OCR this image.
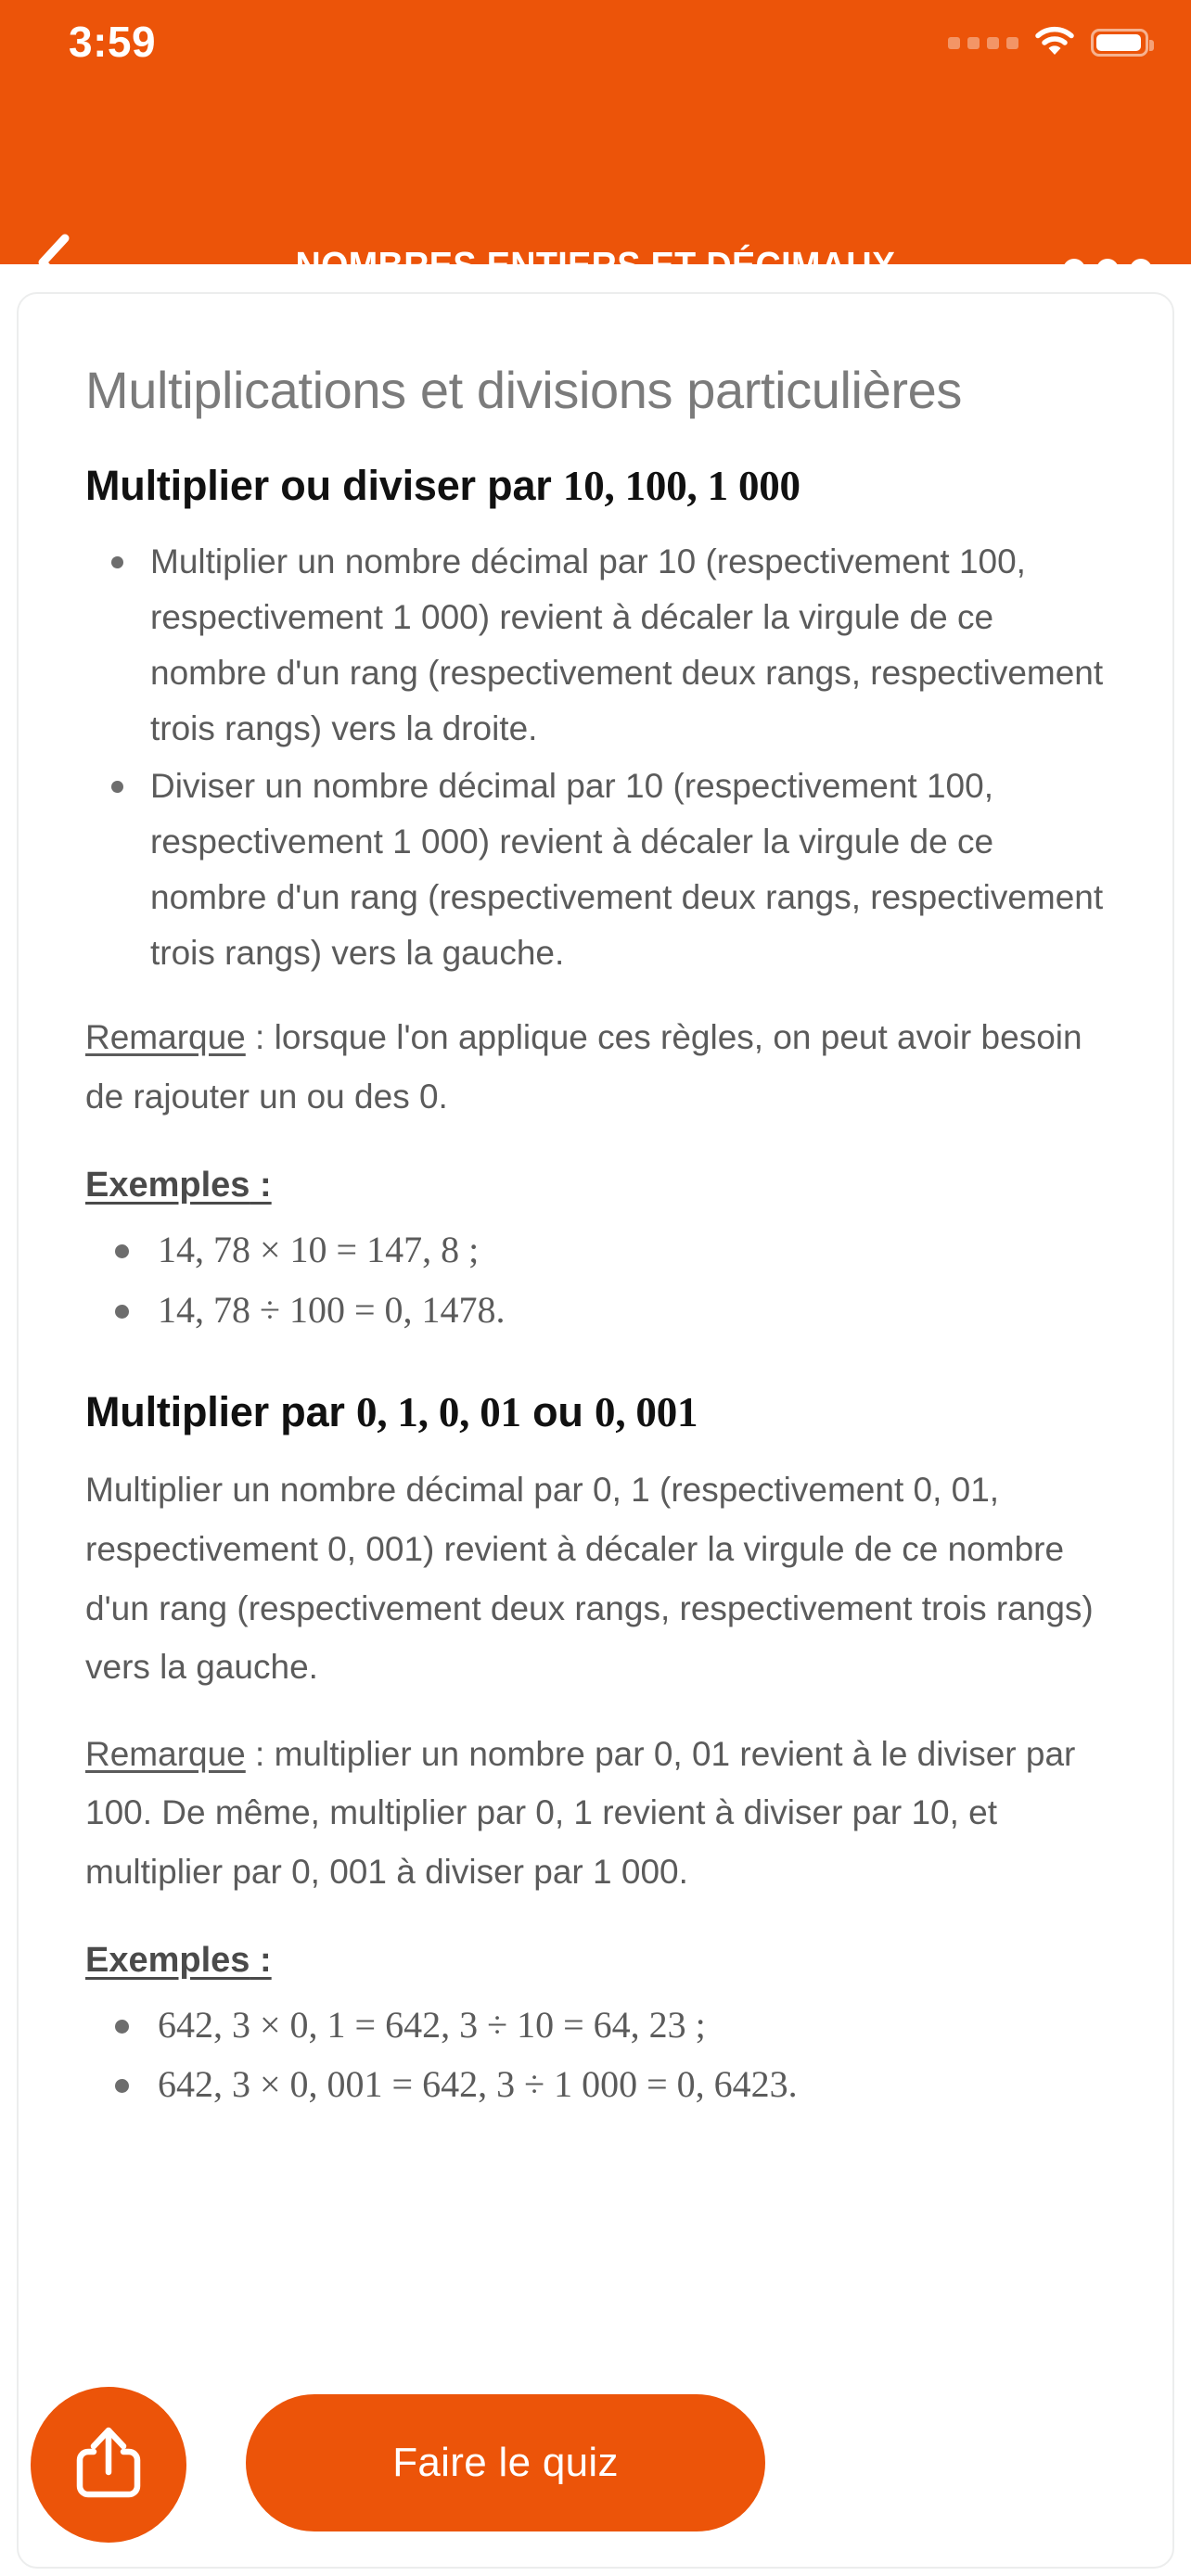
3:59
NOMBRES ENTIERS ET DÉCIMAUX
Multiplications et divisions particulières
Multiplier ou diviser par 10, 100, 1 000
Multiplier un nombre décimal par 10 (respectivement 100, respectivement 1 000) revient à décaler la virgule de ce nombre d'un rang (respectivement deux rangs, respectivement trois rangs) vers la droite.
Diviser un nombre décimal par 10 (respectivement 100, respectivement 1 000) revient à décaler la virgule de ce nombre d'un rang (respectivement deux rangs, respectivement trois rangs) vers la gauche.

Remarque : lorsque l'on applique ces règles, on peut avoir besoin de rajouter un ou des 0.

Exemples :
14, 78 × 10 = 147, 8 ;
14, 78 ÷ 100 = 0, 1478.
Multiplier par 0, 1, 0, 01 ou 0, 001

Multiplier un nombre décimal par 0, 1 (respectivement 0, 01, respectivement 0, 001) revient à décaler la virgule de ce nombre d'un rang (respectivement deux rangs, respectivement trois rangs) vers la gauche.

Remarque : multiplier un nombre par 0, 01 revient à le diviser par 100. De même, multiplier par 0, 1 revient à diviser par 10, et multiplier par 0, 001 à diviser par 1 000.

Exemples :
642, 3 × 0, 1 = 642, 3 ÷ 10 = 64, 23 ;
642, 3 × 0, 001 = 642, 3 ÷ 1 000 = 0, 6423.
Faire le quiz
